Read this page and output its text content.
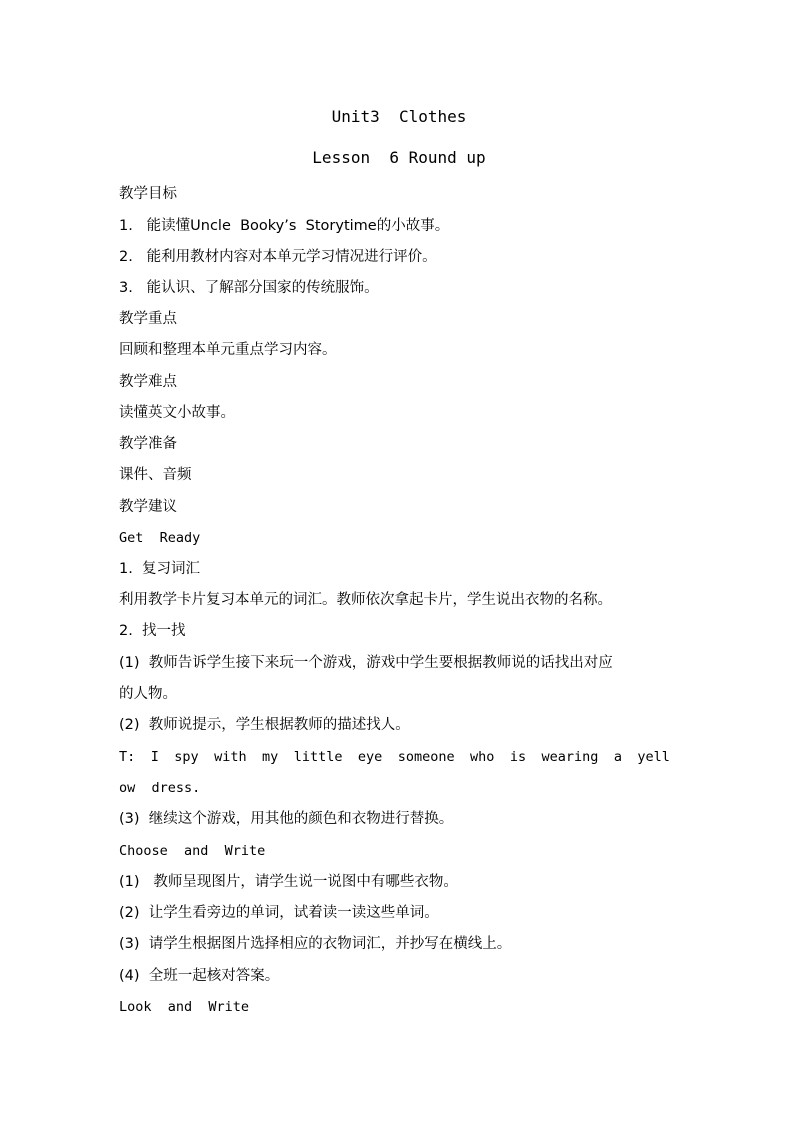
Unit3  Clothes
Lesson  6 Round up
教学目标
1.   能读懂Uncle  Booky’s  Storytime的小故事。
2.   能利用教材内容对本单元学习情况进行评价。
3.   能认识、了解部分国家的传统服饰。
教学重点
回顾和整理本单元重点学习内容。
教学难点
读懂英文小故事。
教学准备
课件、音频
教学建议
Get  Ready
1.  复习词汇
利用教学卡片复习本单元的词汇。教师依次拿起卡片，学生说出衣物的名称。
2.  找一找
(1)  教师告诉学生接下来玩一个游戏，游戏中学生要根据教师说的话找出对应
的人物。
(2)  教师说提示，学生根据教师的描述找人。
T: I spy with my little eye someone who is wearing a yell
ow  dress.
(3)  继续这个游戏，用其他的颜色和衣物进行替换。
Choose  and  Write
(1)   教师呈现图片，请学生说一说图中有哪些衣物。
(2)  让学生看旁边的单词，试着读一读这些单词。
(3)  请学生根据图片选择相应的衣物词汇，并抄写在横线上。
(4)  全班一起核对答案。
Look  and  Write
